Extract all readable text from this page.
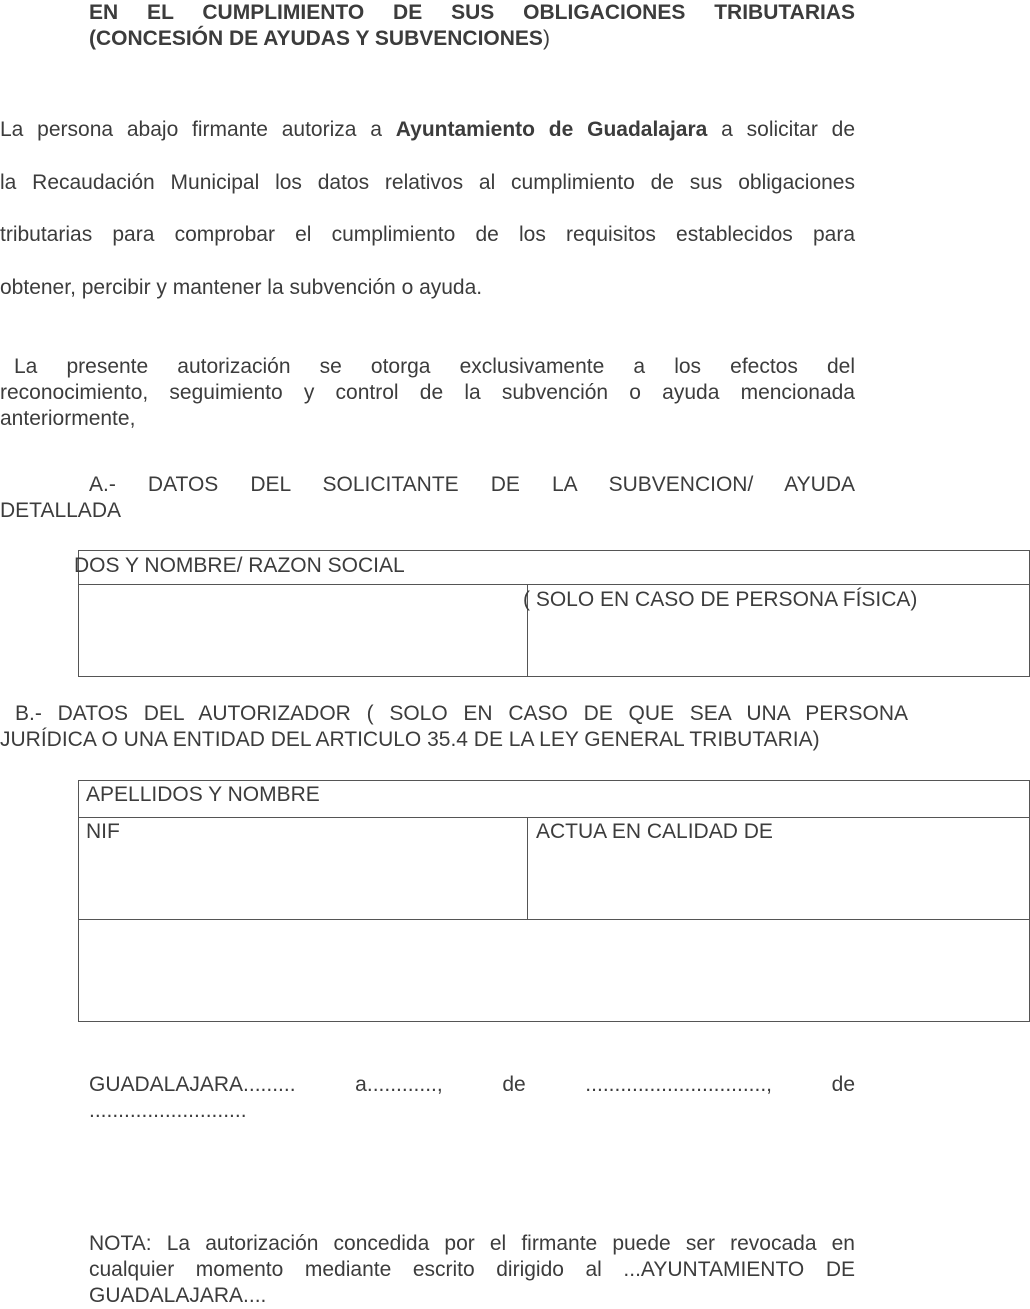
EN EL CUMPLIMIENTO DE SUS OBLIGACIONES TRIBUTARIAS
(CONCESIÓN DE AYUDAS Y SUBVENCIONES)
La persona abajo firmante autoriza a Ayuntamiento de Guadalajara a solicitar de
la Recaudación Municipal los datos relativos al cumplimiento de sus obligaciones
tributarias para comprobar el cumplimiento de los requisitos establecidos para
obtener, percibir y mantener la subvención o ayuda.
La presente autorización se otorga exclusivamente a los efectos del
reconocimiento, seguimiento y control de la subvención o ayuda mencionada
anteriormente,
A.- DATOS DEL SOLICITANTE DE LA SUBVENCION/ AYUDA
DETALLADA
DOS Y NOMBRE/ RAZON SOCIAL
( SOLO EN CASO DE PERSONA FÍSICA)
B.- DATOS DEL AUTORIZADOR ( SOLO EN CASO DE QUE SEA UNA PERSONA
JURÍDICA O UNA ENTIDAD DEL ARTICULO 35.4 DE LA LEY GENERAL TRIBUTARIA)
APELLIDOS Y NOMBRE
NIF	ACTUA EN CALIDAD DE
GUADALAJARA......... a............, de ..............................., de
...........................
NOTA: La autorización concedida por el firmante puede ser revocada en
cualquier momento mediante escrito dirigido al ...AYUNTAMIENTO DE
GUADALAJARA....
